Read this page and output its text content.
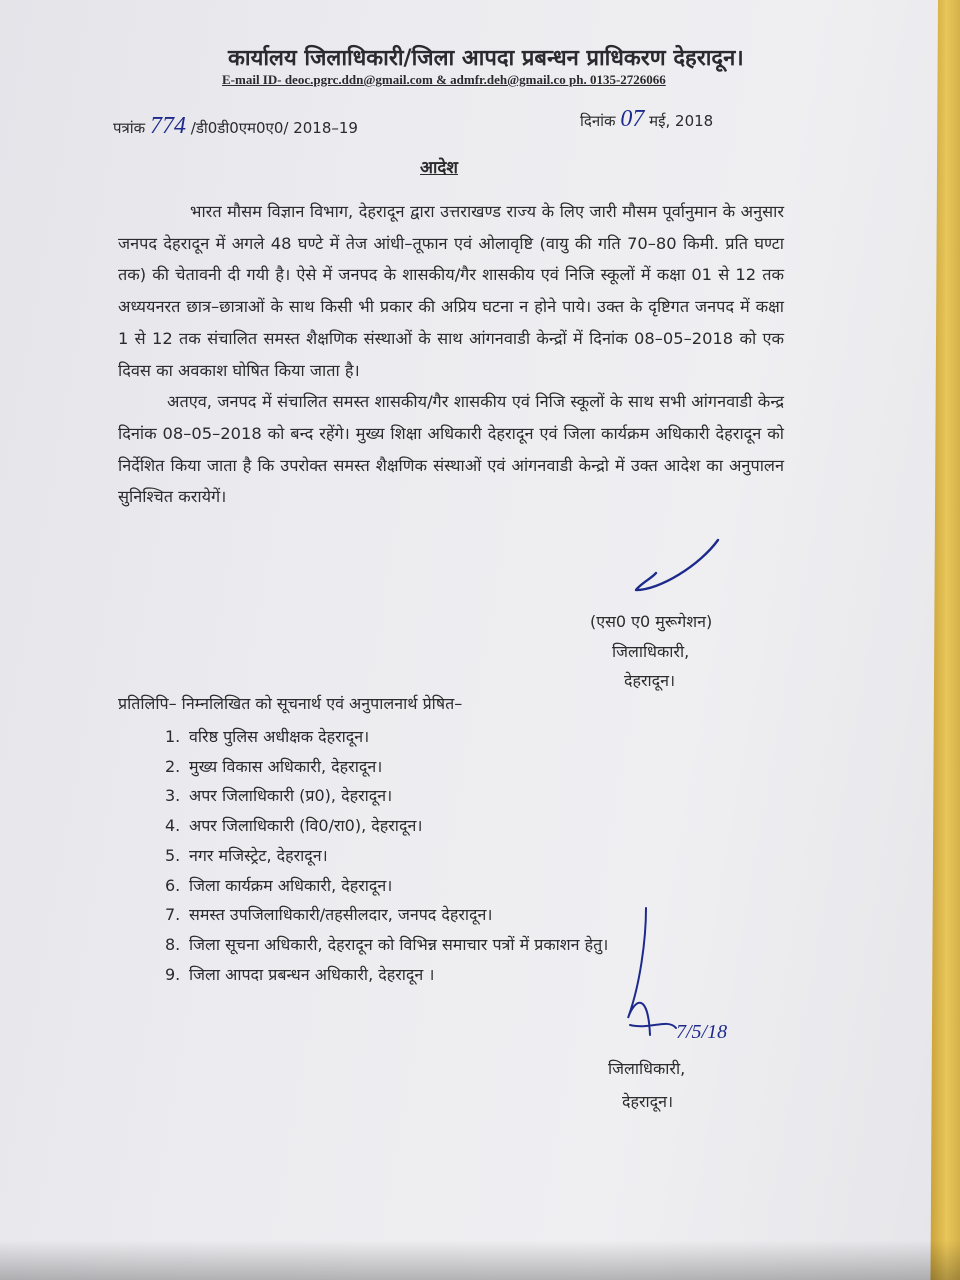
कार्यालय जिलाधिकारी/जिला आपदा प्रबन्धन प्राधिकरण देहरादून।
E-mail ID- deoc.pgrc.ddn@gmail.com & admfr.deh@gmail.co ph. 0135-2726066
पत्रांक 774 /डी0डी0एम0ए0/ 2018–19	दिनांक 07 मई, 2018
आदेश

भारत मौसम विज्ञान विभाग, देहरादून द्वारा उत्तराखण्ड राज्य के लिए जारी मौसम पूर्वानुमान के अनुसार जनपद देहरादून में अगले 48 घण्टे में तेज आंधी–तूफान एवं ओलावृष्टि (वायु की गति 70–80 किमी. प्रति घण्टा तक) की चेतावनी दी गयी है। ऐसे में जनपद के शासकीय/गैर शासकीय एवं निजि स्कूलों में कक्षा 01 से 12 तक अध्ययनरत छात्र–छात्राओं के साथ किसी भी प्रकार की अप्रिय घटना न होने पाये। उक्त के दृष्टिगत जनपद में कक्षा 1 से 12 तक संचालित समस्त शैक्षणिक संस्थाओं के साथ आंगनवाडी केन्द्रों में दिनांक 08–05–2018 को एक दिवस का अवकाश घोषित किया जाता है।

अतएव, जनपद में संचालित समस्त शासकीय/गैर शासकीय एवं निजि स्कूलों के साथ सभी आंगनवाडी केन्द्र दिनांक 08–05–2018 को बन्द रहेंगे। मुख्य शिक्षा अधिकारी देहरादून एवं जिला कार्यक्रम अधिकारी देहरादून को निर्देशित किया जाता है कि उपरोक्त समस्त शैक्षणिक संस्थाओं एवं आंगनवाडी केन्द्रो में उक्त आदेश का अनुपालन सुनिश्चित करायेगें।

(एस0 ए0 मुरूगेशन)
जिलाधिकारी,
देहरादून।
प्रतिलिपि– निम्नलिखित को सूचनार्थ एवं अनुपालनार्थ प्रेषित–
1. वरिष्ठ पुलिस अधीक्षक देहरादून।
2. मुख्य विकास अधिकारी, देहरादून।
3. अपर जिलाधिकारी (प्र0), देहरादून।
4. अपर जिलाधिकारी (वि0/रा0), देहरादून।
5. नगर मजिस्ट्रेट, देहरादून।
6. जिला कार्यक्रम अधिकारी, देहरादून।
7. समस्त उपजिलाधिकारी/तहसीलदार, जनपद देहरादून।
8. जिला सूचना अधिकारी, देहरादून को विभिन्न समाचार पत्रों में प्रकाशन हेतु।
9. जिला आपदा प्रबन्धन अधिकारी, देहरादून ।
जिलाधिकारी,
देहरादून।
7/5/18
